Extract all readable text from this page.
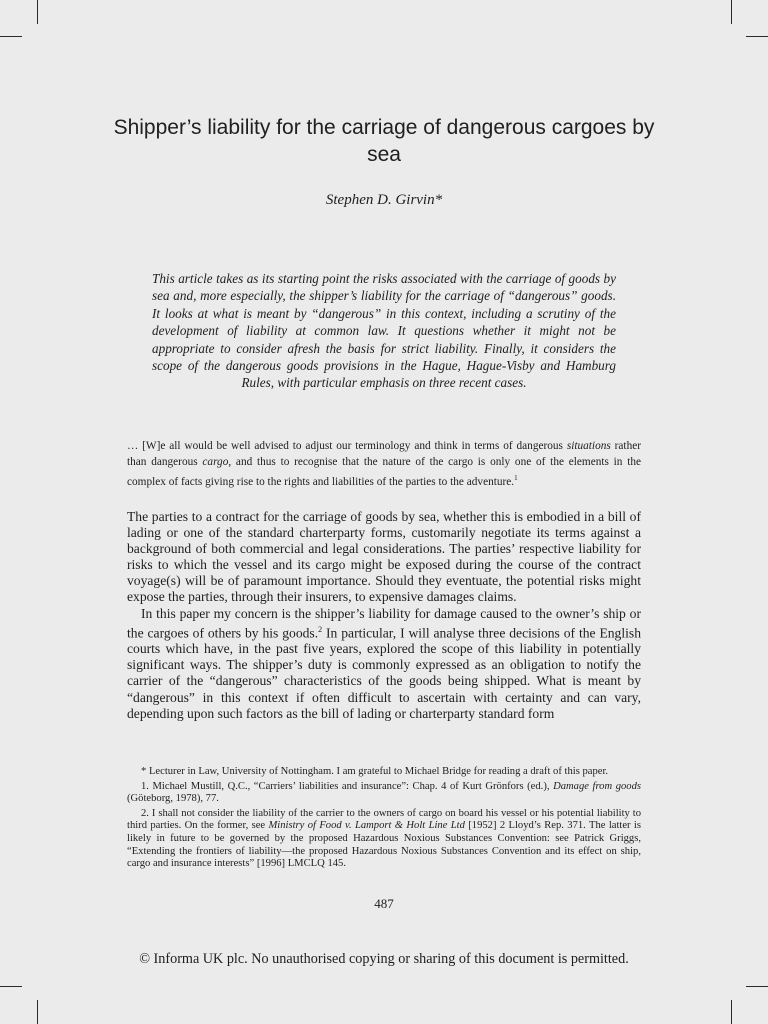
Shipper’s liability for the carriage of dangerous cargoes by sea
Stephen D. Girvin*

This article takes as its starting point the risks associated with the carriage of goods by sea and, more especially, the shipper’s liability for the carriage of “dangerous” goods. It looks at what is meant by “dangerous” in this context, including a scrutiny of the development of liability at common law. It questions whether it might not be appropriate to consider afresh the basis for strict liability. Finally, it considers the scope of the dangerous goods provisions in the Hague, Hague-Visby and Hamburg Rules, with particular emphasis on three recent cases.

… [W]e all would be well advised to adjust our terminology and think in terms of dangerous situations rather than dangerous cargo, and thus to recognise that the nature of the cargo is only one of the elements in the complex of facts giving rise to the rights and liabilities of the parties to the adventure.$^1$

The parties to a contract for the carriage of goods by sea, whether this is embodied in a bill of lading or one of the standard charterparty forms, customarily negotiate its terms against a background of both commercial and legal considerations. The parties’ respective liability for risks to which the vessel and its cargo might be exposed during the course of the contract voyage(s) will be of paramount importance. Should they eventuate, the potential risks might expose the parties, through their insurers, to expensive damages claims.

In this paper my concern is the shipper’s liability for damage caused to the owner’s ship or the cargoes of others by his goods.$^2$ In particular, I will analyse three decisions of the English courts which have, in the past five years, explored the scope of this liability in potentially significant ways. The shipper’s duty is commonly expressed as an obligation to notify the carrier of the “dangerous” characteristics of the goods being shipped. What is meant by “dangerous” in this context if often difficult to ascertain with certainty and can vary, depending upon such factors as the bill of lading or charterparty standard form

* Lecturer in Law, University of Nottingham. I am grateful to Michael Bridge for reading a draft of this paper.

1. Michael Mustill, Q.C., “Carriers’ liabilities and insurance”: Chap. 4 of Kurt Grönfors (ed.), Damage from goods (Göteborg, 1978), 77.

2. I shall not consider the liability of the carrier to the owners of cargo on board his vessel or his potential liability to third parties. On the former, see Ministry of Food v. Lamport & Holt Line Ltd [1952] 2 Lloyd’s Rep. 371. The latter is likely in future to be governed by the proposed Hazardous Noxious Substances Convention: see Patrick Griggs, “Extending the frontiers of liability—the proposed Hazardous Noxious Substances Convention and its effect on ship, cargo and insurance interests” [1996] LMCLQ 145.

487
© Informa UK plc. No unauthorised copying or sharing of this document is permitted.
